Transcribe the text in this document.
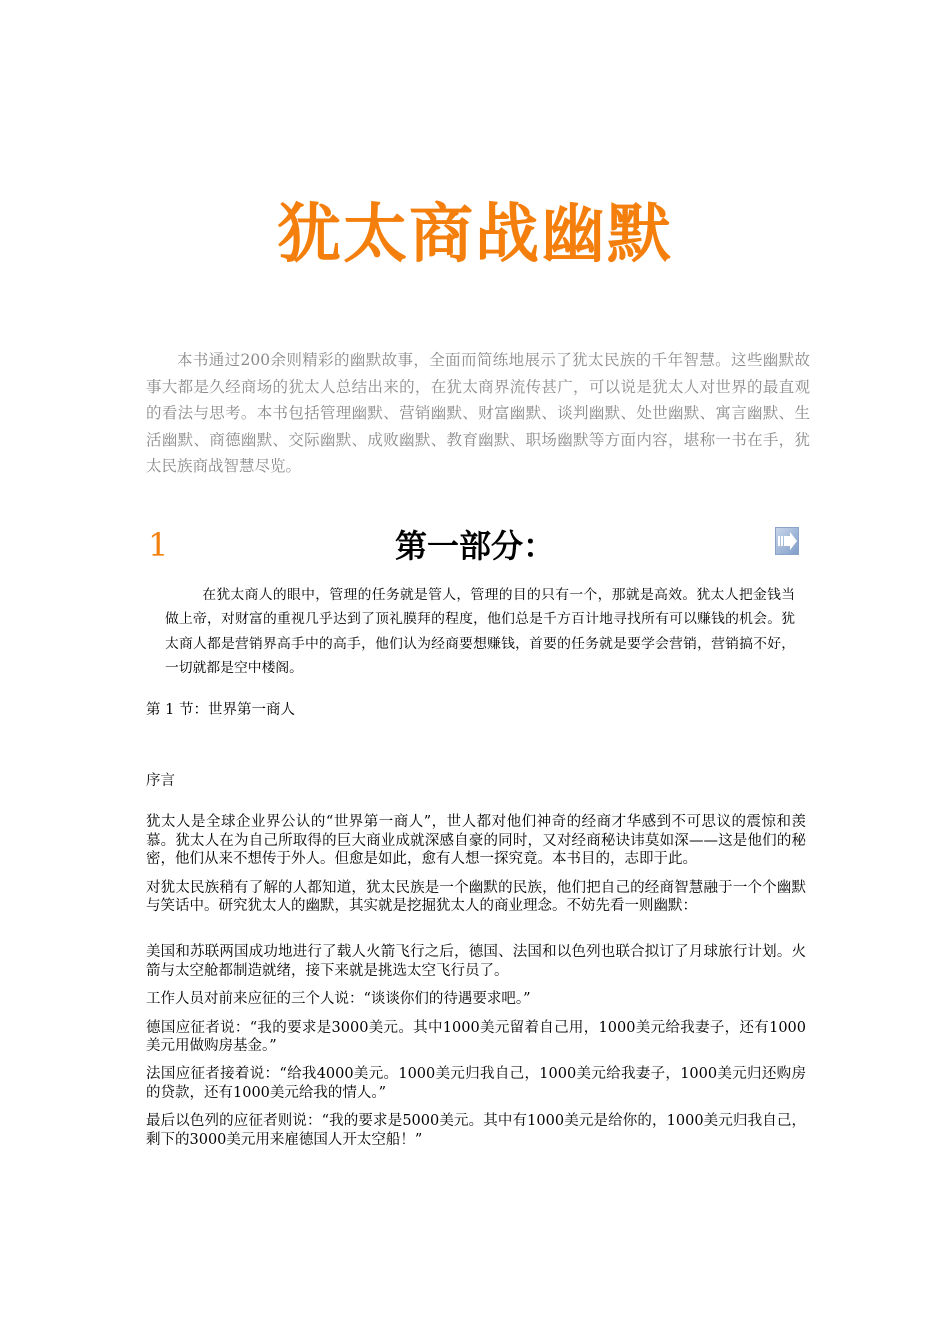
犹太商战幽默

本书通过200余则精彩的幽默故事，全面而简练地展示了犹太民族的千年智慧。这些幽默故事大都是久经商场的犹太人总结出来的，在犹太商界流传甚广，可以说是犹太人对世界的最直观的看法与思考。本书包括管理幽默、营销幽默、财富幽默、谈判幽默、处世幽默、寓言幽默、生活幽默、商德幽默、交际幽默、成败幽默、教育幽默、职场幽默等方面内容，堪称一书在手，犹太民族商战智慧尽览。

1	第一部分：

在犹太商人的眼中，管理的任务就是管人，管理的目的只有一个，那就是高效。犹太人把金钱当做上帝，对财富的重视几乎达到了顶礼膜拜的程度，他们总是千方百计地寻找所有可以赚钱的机会。犹太商人都是营销界高手中的高手，他们认为经商要想赚钱，首要的任务就是要学会营销，营销搞不好，一切就都是空中楼阁。

第 1 节：世界第一商人

序言

犹太人是全球企业界公认的“世界第一商人”，世人都对他们神奇的经商才华感到不可思议的震惊和羡慕。犹太人在为自己所取得的巨大商业成就深感自豪的同时，又对经商秘诀讳莫如深——这是他们的秘密，他们从来不想传于外人。但愈是如此，愈有人想一探究竟。本书目的，志即于此。

对犹太民族稍有了解的人都知道，犹太民族是一个幽默的民族，他们把自己的经商智慧融于一个个幽默与笑话中。研究犹太人的幽默，其实就是挖掘犹太人的商业理念。不妨先看一则幽默：

美国和苏联两国成功地进行了载人火箭飞行之后，德国、法国和以色列也联合拟订了月球旅行计划。火箭与太空舱都制造就绪，接下来就是挑选太空飞行员了。

工作人员对前来应征的三个人说：“谈谈你们的待遇要求吧。”

德国应征者说：“我的要求是3000美元。其中1000美元留着自己用，1000美元给我妻子，还有1000美元用做购房基金。”

法国应征者接着说：“给我4000美元。1000美元归我自己，1000美元给我妻子，1000美元归还购房的贷款，还有1000美元给我的情人。”

最后以色列的应征者则说：“我的要求是5000美元。其中有1000美元是给你的，1000美元归我自己，剩下的3000美元用来雇德国人开太空船！”
